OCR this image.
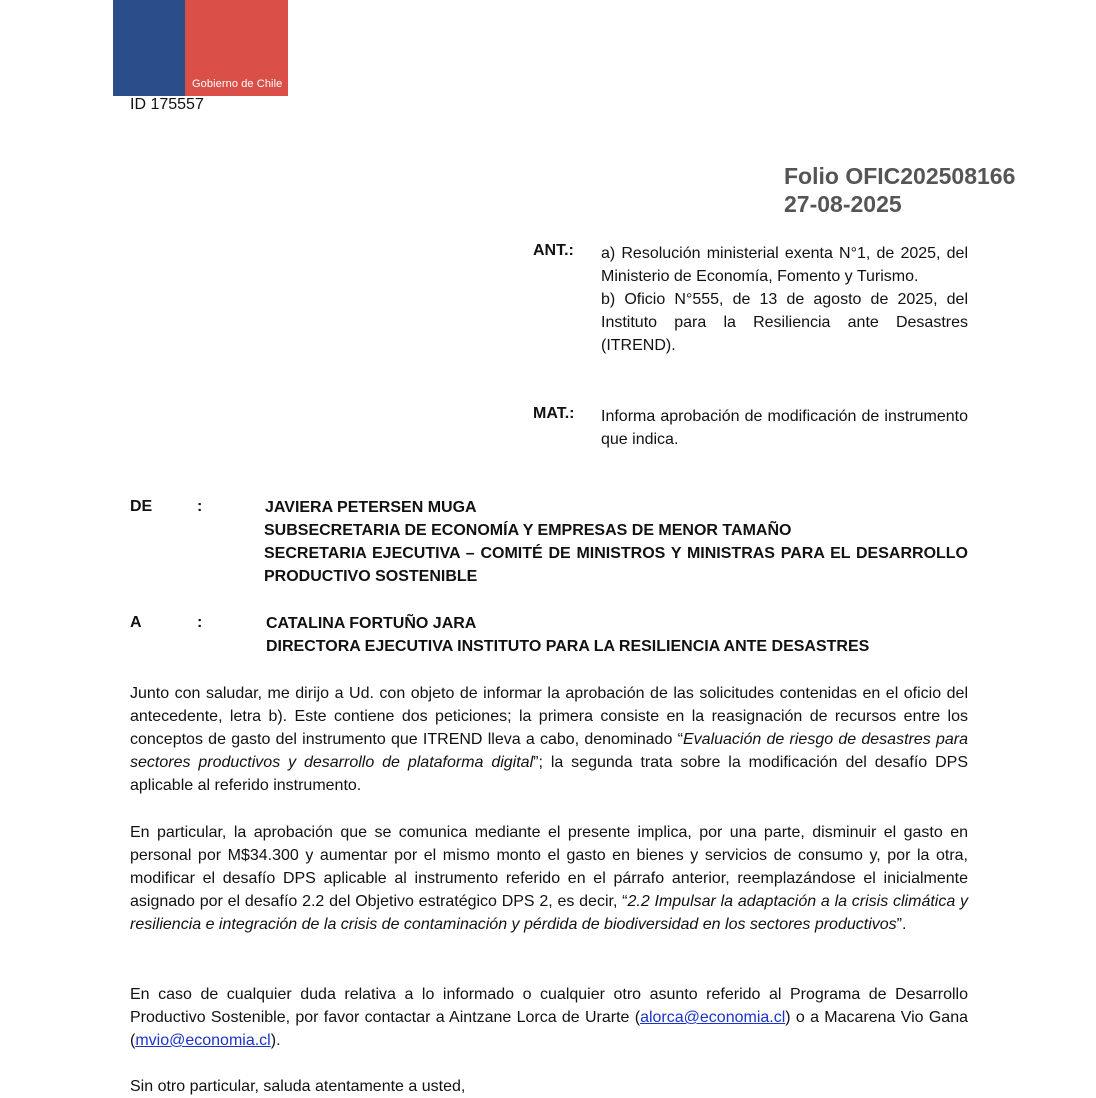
Gobierno de Chile
ID 175557
Folio OFIC202508166
27-08-2025
ANT.: a) Resolución ministerial exenta N°1, de 2025, del Ministerio de Economía, Fomento y Turismo.

b) Oficio N°555, de 13 de agosto de 2025, del Instituto para la Resiliencia ante Desastres (ITREND).

MAT.: Informa aprobación de modificación de instrumento que indica.
DE	:	JAVIERA PETERSEN MUGA
SUBSECRETARIA DE ECONOMÍA Y EMPRESAS DE MENOR TAMAÑO
SECRETARIA EJECUTIVA – COMITÉ DE MINISTROS Y MINISTRAS PARA EL DESARROLLO PRODUCTIVO SOSTENIBLE
A	:	CATALINA FORTUÑO JARA
DIRECTORA EJECUTIVA INSTITUTO PARA LA RESILIENCIA ANTE DESASTRES

Junto con saludar, me dirijo a Ud. con objeto de informar la aprobación de las solicitudes contenidas en el oficio del antecedente, letra b). Este contiene dos peticiones; la primera consiste en la reasignación de recursos entre los conceptos de gasto del instrumento que ITREND lleva a cabo, denominado “Evaluación de riesgo de desastres para sectores productivos y desarrollo de plataforma digital”; la segunda trata sobre la modificación del desafío DPS aplicable al referido instrumento.

En particular, la aprobación que se comunica mediante el presente implica, por una parte, disminuir el gasto en personal por M$34.300 y aumentar por el mismo monto el gasto en bienes y servicios de consumo y, por la otra, modificar el desafío DPS aplicable al instrumento referido en el párrafo anterior, reemplazándose el inicialmente asignado por el desafío 2.2 del Objetivo estratégico DPS 2, es decir, “2.2 Impulsar la adaptación a la crisis climática y resiliencia e integración de la crisis de contaminación y pérdida de biodiversidad en los sectores productivos”.

En caso de cualquier duda relativa a lo informado o cualquier otro asunto referido al Programa de Desarrollo Productivo Sostenible, por favor contactar a Aintzane Lorca de Urarte (alorca@economia.cl) o a Macarena Vio Gana (mvio@economia.cl).

Sin otro particular, saluda atentamente a usted,
